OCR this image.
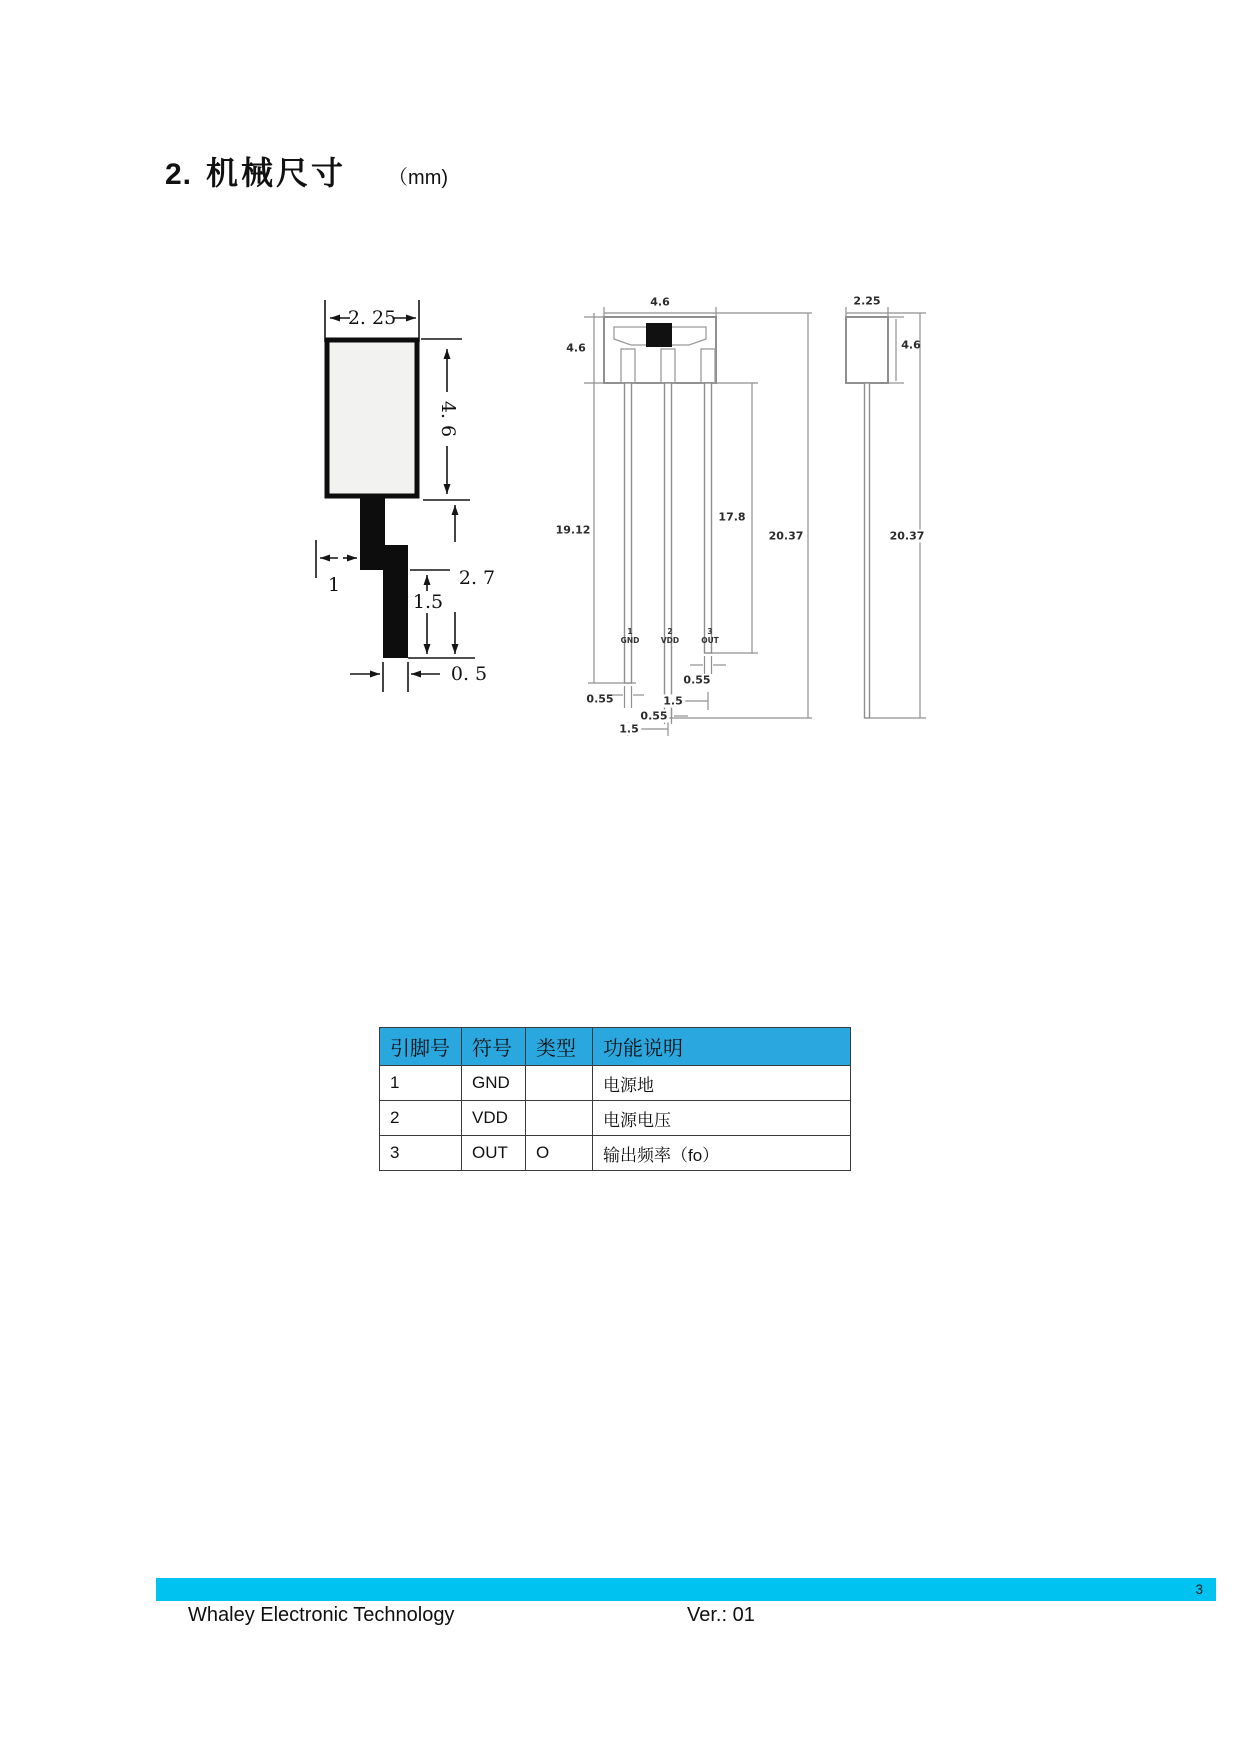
2. 机械尺寸 （mm)
2. 25
4. 6
1	2. 7
1.5
0. 5
4.6
4.6
19.12
17.8
20.37
0.55
0.55	1.5
0.55
1.5
1
GND
2
VDD
3
OUT
2.25
4.6
20.37
引脚号	符号	类型	功能说明
1	GND		电源地
2	VDD		电源电压
3	OUT	O	输出频率（fo）
3
Whaley Electronic Technology	Ver.: 01
